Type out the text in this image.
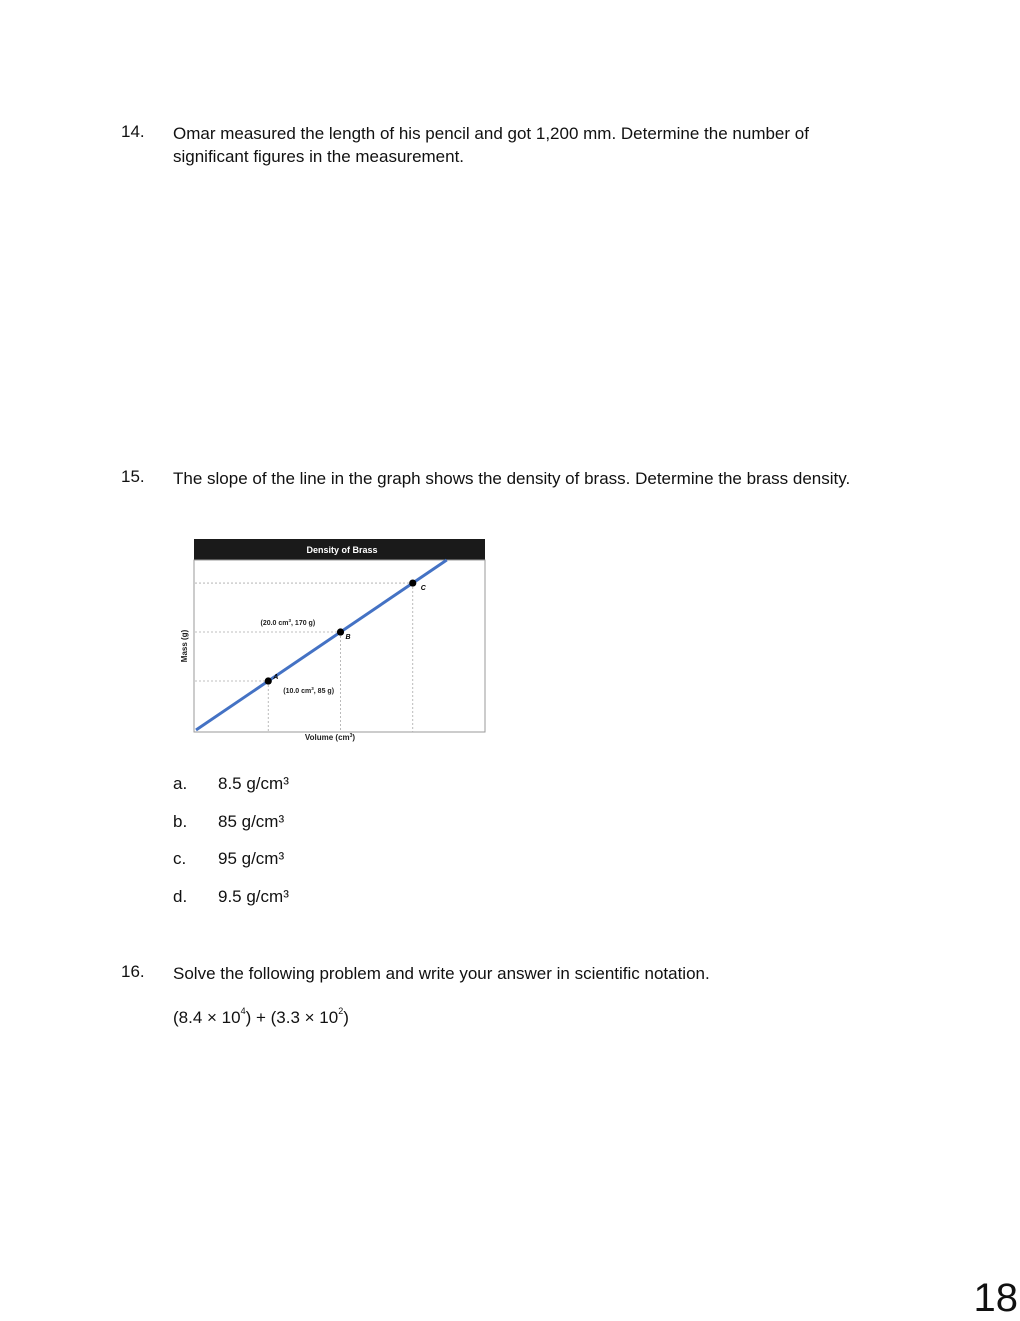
14. Omar measured the length of his pencil and got 1,200 mm. Determine the number of significant figures in the measurement.
15. The slope of the line in the graph shows the density of brass. Determine the brass density.
Density of Brass
Mass (g)
Volume $(cm^3)$
A
(10.0 $cm^3$, 85 g)
B
(20.0 $cm^3$, 170 g)
C
a. 8.5 g/cm³
b. 85 g/cm³
c. 95 g/cm³
d. 9.5 g/cm³
16. Solve the following problem and write your answer in scientific notation.
$(8.4 \times 10^4) + (3.3 \times 10^2)$
18
